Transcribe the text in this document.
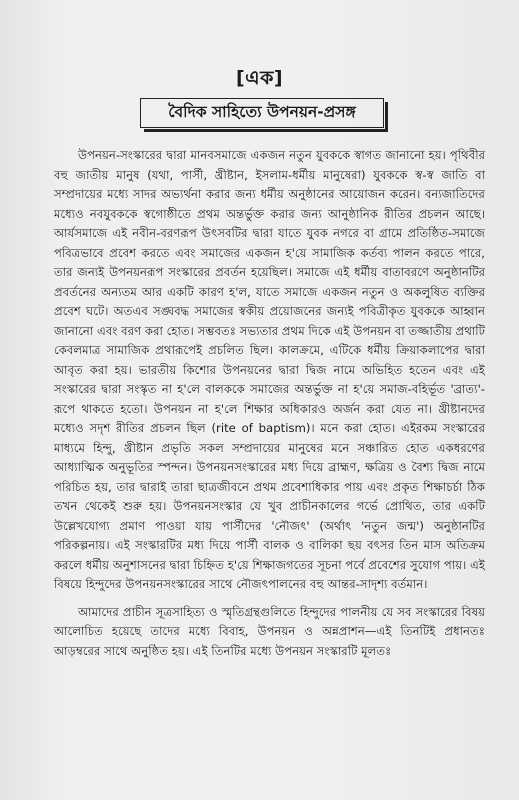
[এক]
বৈদিক সাহিত্যে উপনয়ন-প্রসঙ্গ

উপনয়ন-সংস্কারের দ্বারা মানবসমাজে একজন নতুন যুবককে স্বাগত জানানো হয়। পৃথিবীর বহু জাতীয় মানুষ (যথা, পার্সী, খ্রীষ্টান, ইসলাম-ধর্মীয় মানুষেরা) যুবককে স্ব-স্ব জাতি বা সম্প্রদায়ের মধ্যে সাদর অভ্যর্থনা করার জন্য ধর্মীয় অনুষ্ঠানের আয়োজন করেন। বন্যজাতিদের মধ্যেও নবযুবককে স্বগোষ্ঠীতে প্রথম অন্তর্ভুক্ত করার জন্য আনুষ্ঠানিক রীতির প্রচলন আছে। আর্যসমাজে এই নবীন-বরণরূপ উৎসবটির দ্বারা যাতে যুবক নগরে বা গ্রামে প্রতিষ্ঠিত-সমাজে পবিত্রভাবে প্রবেশ করতে এবং সমাজের একজন হ'য়ে সামাজিক কর্তব্য পালন করতে পারে, তার জন্যই উপনয়নরূপ সংস্কারের প্রবর্তন হয়েছিল। সমাজে এই ধর্মীয় বাতাবরণে অনুষ্ঠানটির প্রবর্তনের অন্যতম আর একটি কারণ হ'ল, যাতে সমাজে একজন নতুন ও অকলুষিত ব্যক্তির প্রবেশ ঘটে। অতএব সঙ্ঘবদ্ধ সমাজের স্বকীয় প্রয়োজনের জন্যই পবিত্রীকৃত যুবককে আহ্বান জানানো এবং বরণ করা হোত। সম্ভবতঃ সভ্যতার প্রথম দিকে এই উপনয়ন বা তজ্জাতীয় প্রথাটি কেবলমাত্র সামাজিক প্রথারূপেই প্রচলিত ছিল। কালক্রমে, এটিকে ধর্মীয় ক্রিয়াকলাপের দ্বারা আবৃত করা হয়। ভারতীয় কিশোর উপনয়নের দ্বারা দ্বিজ নামে অভিহিত হতেন এবং এই সংস্কারের দ্বারা সংস্কৃত না হ'লে বালককে সমাজের অন্তর্ভুক্ত না হ'য়ে সমাজ-বহির্ভূত 'ব্রাত্য'-রূপে থাকতে হতো। উপনয়ন না হ'লে শিক্ষার অধিকারও অর্জন করা যেত না। খ্রীষ্টানদের মধ্যেও সদৃশ রীতির প্রচলন ছিল (rite of baptism)। মনে করা হোত। এইরকম সংস্কারের মাধ্যমে হিন্দু, খ্রীষ্টান প্রভৃতি সকল সম্প্রদায়ের মানুষের মনে সঞ্চারিত হোত একধরণের আধ্যাত্মিক অনুভূতির স্পন্দন। উপনয়নসংস্কারের মধ্য দিয়ে ব্রাহ্মণ, ক্ষত্রিয় ও বৈশ্য দ্বিজ নামে পরিচিত হয়, তার দ্বারাই তারা ছাত্রজীবনে প্রথম প্রবেশাধিকার পায় এবং প্রকৃত শিক্ষাচর্চা ঠিক তখন থেকেই শুরু হয়। উপনয়নসংস্কার যে খুব প্রাচীনকালের গর্ভে প্রোথিত, তার একটি উল্লেখযোগ্য প্রমাণ পাওয়া যায় পার্সীদের 'নৌজৎ' (অর্থাৎ 'নতুন জন্ম') অনুষ্ঠানটির পরিকল্পনায়। এই সংস্কারটির মধ্য দিয়ে পার্সী বালক ও বালিকা ছয় বৎসর তিন মাস অতিক্রম করলে ধর্মীয় অনুশাসনের দ্বারা চিহ্নিত হ'য়ে শিক্ষাজগতের সূচনা পর্বে প্রবেশের সুযোগ পায়। এই বিষয়ে হিন্দুদের উপনয়নসংস্কারের সাথে নৌজৎপালনের বহু আন্তর-সাদৃশ্য বর্তমান।

আমাদের প্রাচীন সূত্রসাহিত্য ও স্মৃতিগ্রন্থগুলিতে হিন্দুদের পালনীয় যে সব সংস্কারের বিষয় আলোচিত হয়েছে তাদের মধ্যে বিবাহ, উপনয়ন ও অন্নপ্রাশন—এই তিনটিই প্রধানতঃ আড়ম্বরের সাথে অনুষ্ঠিত হয়। এই তিনটির মধ্যে উপনয়ন সংস্কারটি মূলতঃ
